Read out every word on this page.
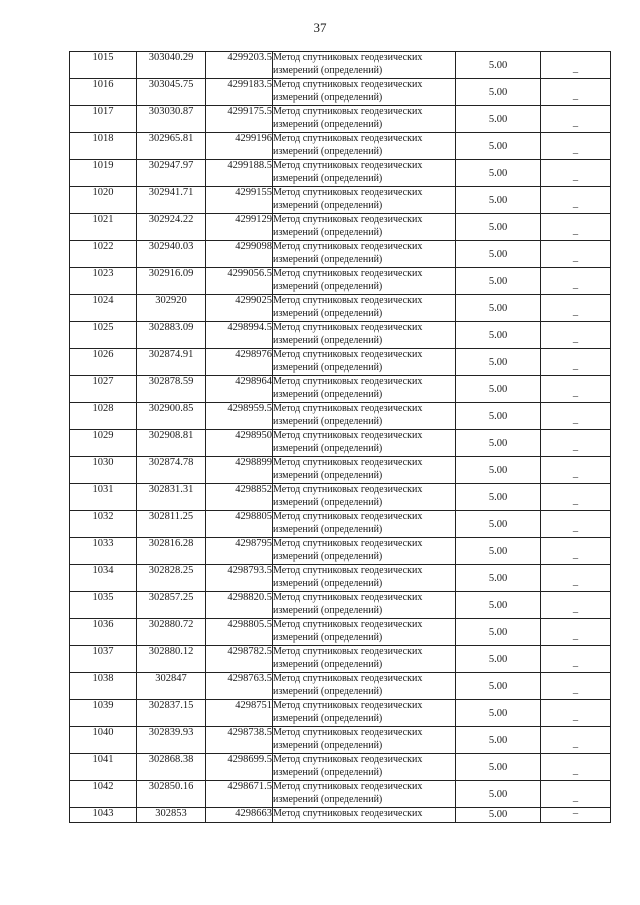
37
1015	303040.29	4299203.5	Метод спутниковых геодезических измерений (определений)	5.00	–
1016	303045.75	4299183.5	Метод спутниковых геодезических измерений (определений)	5.00	–
1017	303030.87	4299175.5	Метод спутниковых геодезических измерений (определений)	5.00	–
1018	302965.81	4299196	Метод спутниковых геодезических измерений (определений)	5.00	–
1019	302947.97	4299188.5	Метод спутниковых геодезических измерений (определений)	5.00	–
1020	302941.71	4299155	Метод спутниковых геодезических измерений (определений)	5.00	–
1021	302924.22	4299129	Метод спутниковых геодезических измерений (определений)	5.00	–
1022	302940.03	4299098	Метод спутниковых геодезических измерений (определений)	5.00	–
1023	302916.09	4299056.5	Метод спутниковых геодезических измерений (определений)	5.00	–
1024	302920	4299025	Метод спутниковых геодезических измерений (определений)	5.00	–
1025	302883.09	4298994.5	Метод спутниковых геодезических измерений (определений)	5.00	–
1026	302874.91	4298976	Метод спутниковых геодезических измерений (определений)	5.00	–
1027	302878.59	4298964	Метод спутниковых геодезических измерений (определений)	5.00	–
1028	302900.85	4298959.5	Метод спутниковых геодезических измерений (определений)	5.00	–
1029	302908.81	4298950	Метод спутниковых геодезических измерений (определений)	5.00	–
1030	302874.78	4298899	Метод спутниковых геодезических измерений (определений)	5.00	–
1031	302831.31	4298852	Метод спутниковых геодезических измерений (определений)	5.00	–
1032	302811.25	4298805	Метод спутниковых геодезических измерений (определений)	5.00	–
1033	302816.28	4298795	Метод спутниковых геодезических измерений (определений)	5.00	–
1034	302828.25	4298793.5	Метод спутниковых геодезических измерений (определений)	5.00	–
1035	302857.25	4298820.5	Метод спутниковых геодезических измерений (определений)	5.00	–
1036	302880.72	4298805.5	Метод спутниковых геодезических измерений (определений)	5.00	–
1037	302880.12	4298782.5	Метод спутниковых геодезических измерений (определений)	5.00	–
1038	302847	4298763.5	Метод спутниковых геодезических измерений (определений)	5.00	–
1039	302837.15	4298751	Метод спутниковых геодезических измерений (определений)	5.00	–
1040	302839.93	4298738.5	Метод спутниковых геодезических измерений (определений)	5.00	–
1041	302868.38	4298699.5	Метод спутниковых геодезических измерений (определений)	5.00	–
1042	302850.16	4298671.5	Метод спутниковых геодезических измерений (определений)	5.00	–
1043	302853	4298663	Метод спутниковых геодезических	5.00	–
